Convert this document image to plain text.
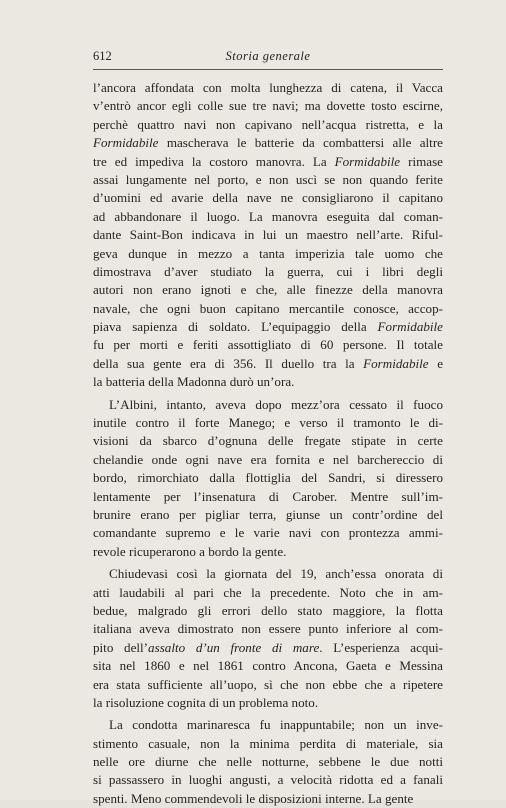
612	Storia generale
l’ancora affondata con molta lunghezza di catena, il Vacca
v’entrò ancor egli colle sue tre navi; ma dovette tosto escirne,
perchè quattro navi non capivano nell’acqua ristretta, e la
Formidabile mascherava le batterie da combattersi alle altre
tre ed impediva la costoro manovra. La Formidabile rimase
assai lungamente nel porto, e non uscì se non quando ferite
d’uomini ed avarie della nave ne consigliarono il capitano
ad abbandonare il luogo. La manovra eseguita dal coman-
dante Saint-Bon indicava in lui un maestro nell’arte. Riful-
geva dunque in mezzo a tanta imperizia tale uomo che
dimostrava d’aver studiato la guerra, cui i libri degli
autori non erano ignoti e che, alle finezze della manovra
navale, che ogni buon capitano mercantile conosce, accop-
piava sapienza di soldato. L’equipaggio della Formidabile
fu per morti e feriti assottigliato di 60 persone. Il totale
della sua gente era di 356. Il duello tra la Formidabile e
la batteria della Madonna durò un’ora.
L’Albini, intanto, aveva dopo mezz’ora cessato il fuoco
inutile contro il forte Manego; e verso il tramonto le di-
visioni da sbarco d’ognuna delle fregate stipate in certe
chelandie onde ogni nave era fornita e nel barchereccio di
bordo, rimorchiato dalla flottiglia del Sandri, si diressero
lentamente per l’insenatura di Carober. Mentre sull’im-
brunire erano per pigliar terra, giunse un contr’ordine del
comandante supremo e le varie navi con prontezza ammi-
revole ricuperarono a bordo la gente.
Chiudevasi così la giornata del 19, anch’essa onorata di
atti laudabili al pari che la precedente. Noto che in am-
bedue, malgrado gli errori dello stato maggiore, la flotta
italiana aveva dimostrato non essere punto inferiore al com-
pito dell’assalto d’un fronte di mare. L’esperienza acqui-
sita nel 1860 e nel 1861 contro Ancona, Gaeta e Messina
era stata sufficiente all’uopo, sì che non ebbe che a ripetere
la risoluzione cognita di un problema noto.
La condotta marinaresca fu inappuntabile; non un inve-
stimento casuale, non la minima perdita di materiale, sia
nelle ore diurne che nelle notturne, sebbene le due notti
si passassero in luoghi angusti, a velocità ridotta ed a fanali
spenti. Meno commendevoli le disposizioni interne. La gente
